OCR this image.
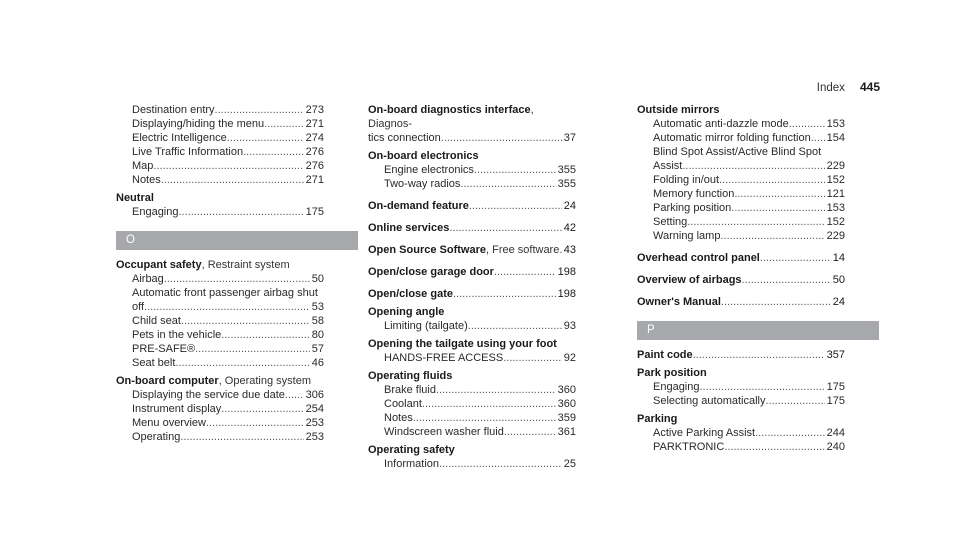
Index 445
Destination entry .....	273
Displaying/hiding the menu .....	271
Electric Intelligence .....	274
Live Traffic Information .....	276
Map .....	276
Notes .....	271
Neutral
Engaging .....	175
O
Occupant safety, Restraint system
Airbag .....	50
Automatic front passenger airbag shut
off .....	53
Child seat .....	58
Pets in the vehicle .....	80
PRE-SAFE® .....	57
Seat belt .....	46
On-board computer, Operating system
Displaying the service due date ..... 306
Instrument display .....	254
Menu overview .....	253
Operating .....	253
On-board diagnostics interface, Diagnos-
tics connection .....	37
On-board electronics
Engine electronics .....	355
Two-way radios .....	355
On-demand feature .....	24
Online services .....	42
Open Source Software, Free software ..... 43
Open/close garage door .....	198
Open/close gate .....	198
Opening angle
Limiting (tailgate) .....	93
Opening the tailgate using your foot
HANDS-FREE ACCESS .....	92
Operating fluids
Brake fluid .....	360
Coolant .....	360
Notes .....	359
Windscreen washer fluid .....	361
Operating safety
Information .....	25
Outside mirrors
Automatic anti-dazzle mode .....	153
Automatic mirror folding function ..... 154
Blind Spot Assist/Active Blind Spot
Assist .....	229
Folding in/out .....	152
Memory function .....	121
Parking position .....	153
Setting .....	152
Warning lamp .....	229
Overhead control panel .....	14
Overview of airbags .....	50
Owner's Manual .....	24
P
Paint code .....	357
Park position
Engaging .....	175
Selecting automatically .....	175
Parking
Active Parking Assist .....	244
PARKTRONIC .....	240
